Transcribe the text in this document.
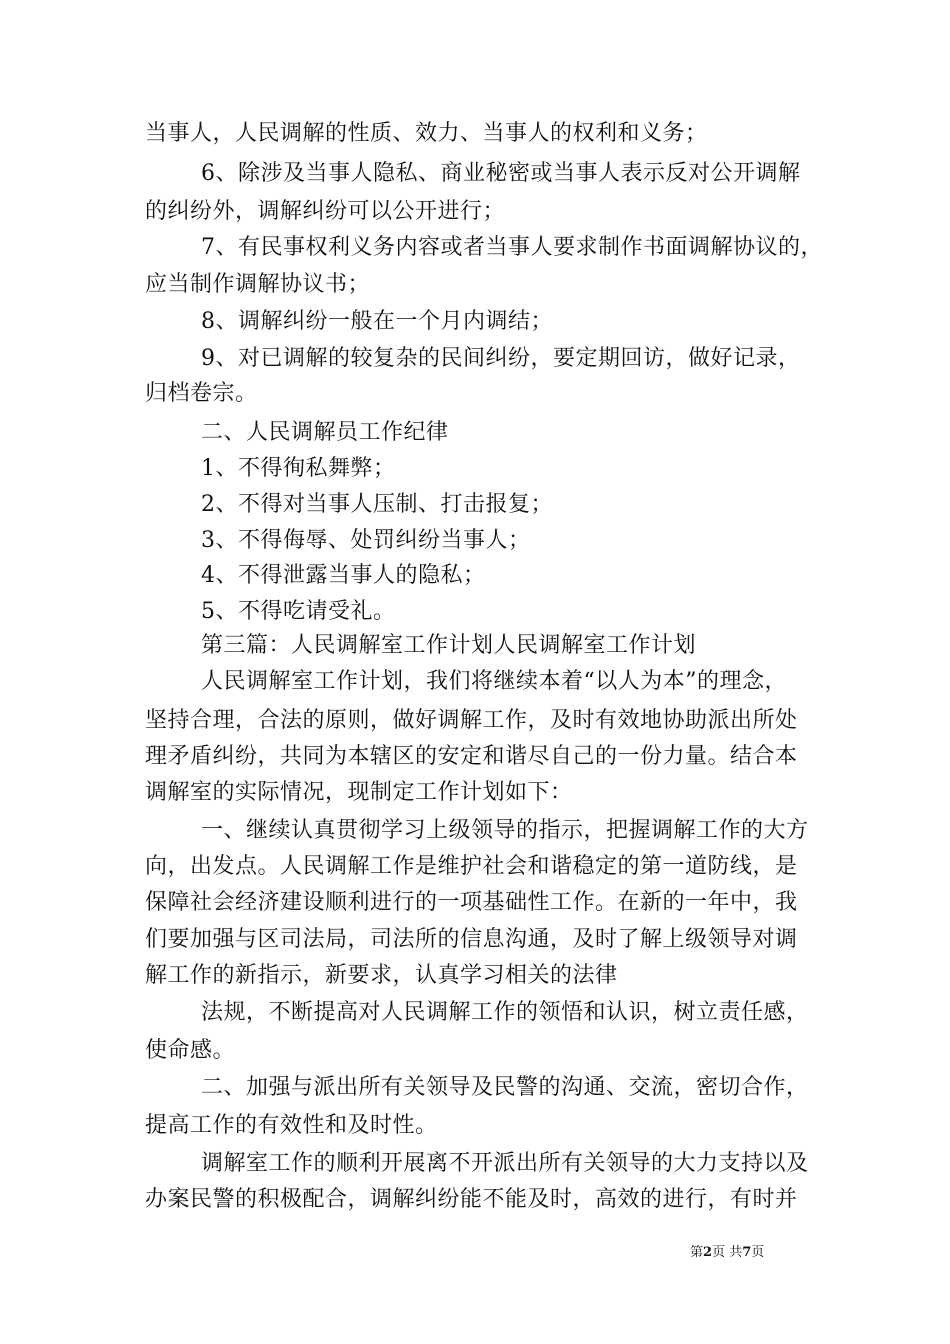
当事人，人民调解的性质、效力、当事人的权利和义务；
6、除涉及当事人隐私、商业秘密或当事人表示反对公开调解
的纠纷外，调解纠纷可以公开进行；
7、有民事权利义务内容或者当事人要求制作书面调解协议的，
应当制作调解协议书；
8、调解纠纷一般在一个月内调结；
9、对已调解的较复杂的民间纠纷，要定期回访，做好记录，
归档卷宗。
二、人民调解员工作纪律
1、不得徇私舞弊；
2、不得对当事人压制、打击报复；
3、不得侮辱、处罚纠纷当事人；
4、不得泄露当事人的隐私；
5、不得吃请受礼。
第三篇：人民调解室工作计划人民调解室工作计划
人民调解室工作计划，我们将继续本着“以人为本”的理念，
坚持合理，合法的原则，做好调解工作，及时有效地协助派出所处
理矛盾纠纷，共同为本辖区的安定和谐尽自己的一份力量。结合本
调解室的实际情况，现制定工作计划如下：
一、继续认真贯彻学习上级领导的指示，把握调解工作的大方
向，出发点。人民调解工作是维护社会和谐稳定的第一道防线，是
保障社会经济建设顺利进行的一项基础性工作。在新的一年中，我
们要加强与区司法局，司法所的信息沟通，及时了解上级领导对调
解工作的新指示，新要求，认真学习相关的法律
法规，不断提高对人民调解工作的领悟和认识，树立责任感，
使命感。
二、加强与派出所有关领导及民警的沟通、交流，密切合作，
提高工作的有效性和及时性。
调解室工作的顺利开展离不开派出所有关领导的大力支持以及
办案民警的积极配合，调解纠纷能不能及时，高效的进行，有时并
第2页 共7页
